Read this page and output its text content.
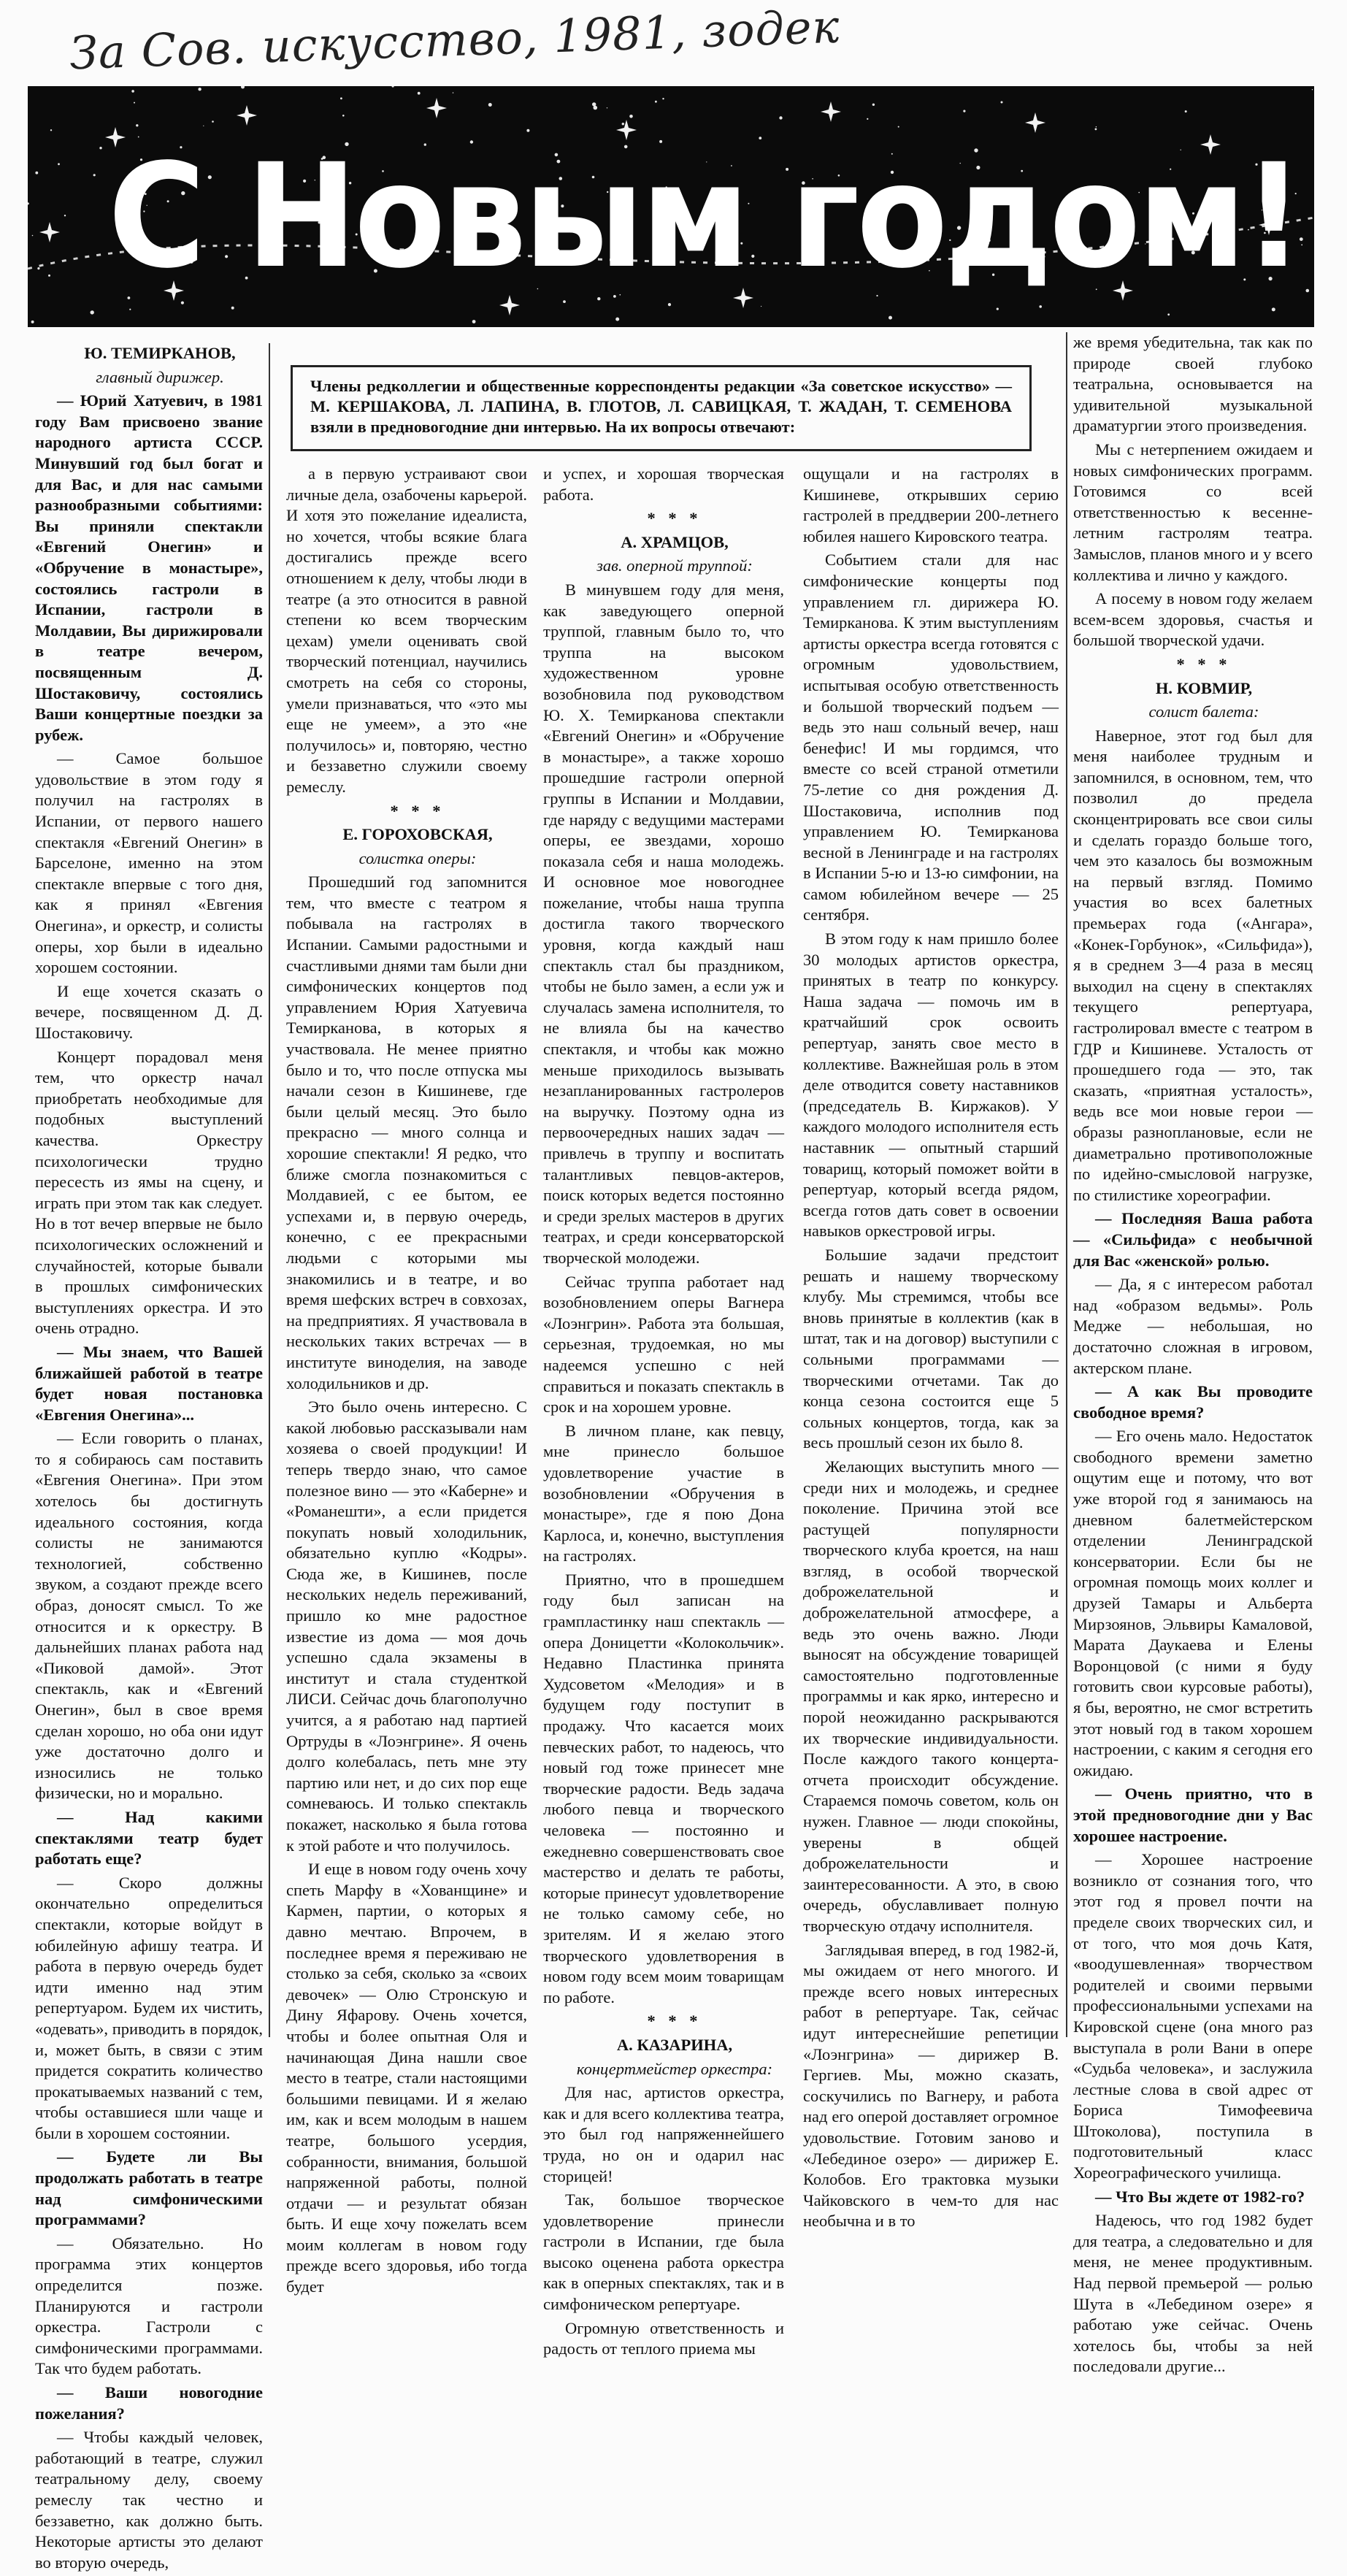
За Сов. искусство, 1981, зодек
С Новым годом!
Члены редколлегии и общественные корреспонденты редакции «За советское искусство» — М. КЕРШАКОВА, Л. ЛАПИНА, В. ГЛОТОВ, Л. САВИЦКАЯ, Т. ЖАДАН, Т. СЕМЕНОВА взяли в предновогодние дни интервью. На их вопросы отвечают:

Ю. ТЕМИРКАНОВ,

главный дирижер.

— Юрий Хатуевич, в 1981 году Вам присвоено звание народного артиста СССР. Минувший год был богат и для Вас, и для нас самыми разнообразными событиями: Вы приняли спектакли «Евгений Онегин» и «Обручение в монастыре», состоялись гастроли в Испании, гастроли в Молдавии, Вы дирижировали в театре вечером, посвященным Д. Шостаковичу, состоялись Ваши концертные поездки за рубеж.

— Самое большое удовольствие в этом году я получил на гастролях в Испании, от первого нашего спектакля «Евгений Онегин» в Барселоне, именно на этом спектакле впервые с того дня, как я принял «Евгения Онегина», и оркестр, и солисты оперы, хор были в идеально хорошем состоянии.

И еще хочется сказать о вечере, посвященном Д. Д. Шостаковичу.

Концерт порадовал меня тем, что оркестр начал приобретать необходимые для подобных выступлений качества. Оркестру психологически трудно пересесть из ямы на сцену, и играть при этом так как следует. Но в тот вечер впервые не было психологических осложнений и случайностей, которые бывали в прошлых симфонических выступлениях оркестра. И это очень отрадно.

— Мы знаем, что Вашей ближайшей работой в театре будет новая постановка «Евгения Онегина»...

— Если говорить о планах, то я собираюсь сам поставить «Евгения Онегина». При этом хотелось бы достигнуть идеального состояния, когда солисты не занимаются технологией, собственно звуком, а создают прежде всего образ, доносят смысл. То же относится и к оркестру. В дальнейших планах работа над «Пиковой дамой». Этот спектакль, как и «Евгений Онегин», был в свое время сделан хорошо, но оба они идут уже достаточно долго и износились не только физически, но и морально.

— Над какими спектаклями театр будет работать еще?

— Скоро должны окончательно определиться спектакли, которые войдут в юбилейную афишу театра. И работа в первую очередь будет идти именно над этим репертуаром. Будем их чистить, «одевать», приводить в порядок, и, может быть, в связи с этим придется сократить количество прокатываемых названий с тем, чтобы оставшиеся шли чаще и были в хорошем состоянии.

— Будете ли Вы продолжать работать в театре над симфоническими программами?

— Обязательно. Но программа этих концертов определится позже. Планируются и гастроли оркестра. Гастроли с симфоническими программами. Так что будем работать.

— Ваши новогодние пожелания?

— Чтобы каждый человек, работающий в театре, служил театральному делу, своему ремеслу так честно и беззаветно, как должно быть. Некоторые артисты это делают во вторую очередь,

а в первую устраивают свои личные дела, озабочены карьерой. И хотя это пожелание идеалиста, но хочется, чтобы всякие блага достигались прежде всего отношением к делу, чтобы люди в театре (а это относится в равной степени ко всем творческим цехам) умели оценивать свой творческий потенциал, научились смотреть на себя со стороны, умели признаваться, что «это мы еще не умеем», а это «не получилось» и, повторяю, честно и беззаветно служили своему ремеслу.

* * *

Е. ГОРОХОВСКАЯ,

солистка оперы:

Прошедший год запомнится тем, что вместе с театром я побывала на гастролях в Испании. Самыми радостными и счастливыми днями там были дни симфонических концертов под управлением Юрия Хатуевича Темирканова, в которых я участвовала. Не менее приятно было и то, что после отпуска мы начали сезон в Кишиневе, где были целый месяц. Это было прекрасно — много солнца и хорошие спектакли! Я редко, что ближе смогла познакомиться с Молдавией, с ее бытом, ее успехами и, в первую очередь, конечно, с ее прекрасными людьми с которыми мы знакомились и в театре, и во время шефских встреч в совхозах, на предприятиях. Я участвовала в нескольких таких встречах — в институте виноделия, на заводе холодильников и др.

Это было очень интересно. С какой любовью рассказывали нам хозяева о своей продукции! И теперь твердо знаю, что самое полезное вино — это «Каберне» и «Романешти», а если придется покупать новый холодильник, обязательно куплю «Кодры». Сюда же, в Кишинев, после нескольких недель переживаний, пришло ко мне радостное известие из дома — моя дочь успешно сдала экзамены в институт и стала студенткой ЛИСИ. Сейчас дочь благополучно учится, а я работаю над партией Ортруды в «Лоэнгрине». Я очень долго колебалась, петь мне эту партию или нет, и до сих пор еще сомневаюсь. И только спектакль покажет, насколько я была готова к этой работе и что получилось.

И еще в новом году очень хочу спеть Марфу в «Хованщине» и Кармен, партии, о которых я давно мечтаю. Впрочем, в последнее время я переживаю не столько за себя, сколько за «своих девочек» — Олю Стронскую и Дину Яфарову. Очень хочется, чтобы и более опытная Оля и начинающая Дина нашли свое место в театре, стали настоящими большими певицами. И я желаю им, как и всем молодым в нашем театре, большого усердия, собранности, внимания, большой напряженной работы, полной отдачи — и результат обязан быть. И еще хочу пожелать всем моим коллегам в новом году прежде всего здоровья, ибо тогда будет

и успех, и хорошая творческая работа.

* * *

А. ХРАМЦОВ,

зав. оперной труппой:

В минувшем году для меня, как заведующего оперной труппой, главным было то, что труппа на высоком художественном уровне возобновила под руководством Ю. Х. Темирканова спектакли «Евгений Онегин» и «Обручение в монастыре», а также хорошо прошедшие гастроли оперной группы в Испании и Молдавии, где наряду с ведущими мастерами оперы, ее звездами, хорошо показала себя и наша молодежь. И основное мое новогоднее пожелание, чтобы наша труппа достигла такого творческого уровня, когда каждый наш спектакль стал бы праздником, чтобы не было замен, а если уж и случалась замена исполнителя, то не влияла бы на качество спектакля, и чтобы как можно меньше приходилось вызывать незапланированных гастролеров на выручку. Поэтому одна из первоочередных наших задач — привлечь в труппу и воспитать талантливых певцов-актеров, поиск которых ведется постоянно и среди зрелых мастеров в других театрах, и среди консерваторской творческой молодежи.

Сейчас труппа работает над возобновлением оперы Вагнера «Лоэнгрин». Работа эта большая, серьезная, трудоемкая, но мы надеемся успешно с ней справиться и показать спектакль в срок и на хорошем уровне.

В личном плане, как певцу, мне принесло большое удовлетворение участие в возобновлении «Обручения в монастыре», где я пою Дона Карлоса, и, конечно, выступления на гастролях.

Приятно, что в прошедшем году был записан на грампластинку наш спектакль — опера Доницетти «Колокольчик». Недавно Пластинка принята Худсоветом «Мелодия» и в будущем году поступит в продажу. Что касается моих певческих работ, то надеюсь, что новый год тоже принесет мне творческие радости. Ведь задача любого певца и творческого человека — постоянно и ежедневно совершенствовать свое мастерство и делать те работы, которые принесут удовлетворение не только самому себе, но зрителям. И я желаю этого творческого удовлетворения в новом году всем моим товарищам по работе.

* * *

А. КАЗАРИНА,

концертмейстер оркестра:

Для нас, артистов оркестра, как и для всего коллектива театра, это был год напряженнейшего труда, но он и одарил нас сторицей!

Так, большое творческое удовлетворение принесли гастроли в Испании, где была высоко оценена работа оркестра как в оперных спектаклях, так и в симфоническом репертуаре.

Огромную ответственность и радость от теплого приема мы

ощущали и на гастролях в Кишиневе, открывших серию гастролей в преддверии 200-летнего юбилея нашего Кировского театра.

Событием стали для нас симфонические концерты под управлением гл. дирижера Ю. Темирканова. К этим выступлениям артисты оркестра всегда готовятся с огромным удовольствием, испытывая особую ответственность и большой творческий подъем — ведь это наш сольный вечер, наш бенефис! И мы гордимся, что вместе со всей страной отметили 75-летие со дня рождения Д. Шостаковича, исполнив под управлением Ю. Темирканова весной в Ленинграде и на гастролях в Испании 5-ю и 13-ю симфонии, на самом юбилейном вечере — 25 сентября.

В этом году к нам пришло более 30 молодых артистов оркестра, принятых в театр по конкурсу. Наша задача — помочь им в кратчайший срок освоить репертуар, занять свое место в коллективе. Важнейшая роль в этом деле отводится совету наставников (председатель В. Киржаков). У каждого молодого исполнителя есть наставник — опытный старший товарищ, который поможет войти в репертуар, который всегда рядом, всегда готов дать совет в освоении навыков оркестровой игры.

Большие задачи предстоит решать и нашему творческому клубу. Мы стремимся, чтобы все вновь принятые в коллектив (как в штат, так и на договор) выступили с сольными программами — творческими отчетами. Так до конца сезона состоится еще 5 сольных концертов, тогда, как за весь прошлый сезон их было 8.

Желающих выступить много — среди них и молодежь, и среднее поколение. Причина этой все растущей популярности творческого клуба кроется, на наш взгляд, в особой творческой доброжелательной и доброжелательной атмосфере, а ведь это очень важно. Люди выносят на обсуждение товарищей самостоятельно подготовленные программы и как ярко, интересно и порой неожиданно раскрываются их творческие индивидуальности. После каждого такого концерта-отчета происходит обсуждение. Стараемся помочь советом, коль он нужен. Главное — люди спокойны, уверены в общей доброжелательности и заинтересованности. А это, в свою очередь, обуславливает полную творческую отдачу исполнителя.

Заглядывая вперед, в год 1982-й, мы ожидаем от него многого. И прежде всего новых интересных работ в репертуаре. Так, сейчас идут интереснейшие репетиции «Лоэнгрина» — дирижер В. Гергиев. Мы, можно сказать, соскучились по Вагнеру, и работа над его оперой доставляет огромное удовольствие. Готовим заново и «Лебединое озеро» — дирижер Е. Колобов. Его трактовка музыки Чайковского в чем-то для нас необычна и в то

же время убедительна, так как по природе своей глубоко театральна, основывается на удивительной музыкальной драматургии этого произведения.

Мы с нетерпением ожидаем и новых симфонических программ. Готовимся со всей ответственностью к весенне-летним гастролям театра. Замыслов, планов много и у всего коллектива и лично у каждого.

А посему в новом году желаем всем-всем здоровья, счастья и большой творческой удачи.

* * *

Н. КОВМИР,

солист балета:

Наверное, этот год был для меня наиболее трудным и запомнился, в основном, тем, что позволил до предела сконцентрировать все свои силы и сделать гораздо больше того, чем это казалось бы возможным на первый взгляд. Помимо участия во всех балетных премьерах года («Ангара», «Конек-Горбунок», «Сильфида»), я в среднем 3—4 раза в месяц выходил на сцену в спектаклях текущего репертуара, гастролировал вместе с театром в ГДР и Кишиневе. Усталость от прошедшего года — это, так сказать, «приятная усталость», ведь все мои новые герои — образы разноплановые, если не диаметрально противоположные по идейно-смысловой нагрузке, по стилистике хореографии.

— Последняя Ваша работа — «Сильфида» с необычной для Вас «женской» ролью.

— Да, я с интересом работал над «образом ведьмы». Роль Медже — небольшая, но достаточно сложная в игровом, актерском плане.

— А как Вы проводите свободное время?

— Его очень мало. Недостаток свободного времени заметно ощутим еще и потому, что вот уже второй год я занимаюсь на дневном балетмейстерском отделении Ленинградской консерватории. Если бы не огромная помощь моих коллег и друзей Тамары и Альберта Мирзоянов, Эльвиры Камаловой, Марата Даукаева и Елены Воронцовой (с ними я буду готовить свои курсовые работы), я бы, вероятно, не смог встретить этот новый год в таком хорошем настроении, с каким я сегодня его ожидаю.

— Очень приятно, что в этой предновогодние дни у Вас хорошее настроение.

— Хорошее настроение возникло от сознания того, что этот год я провел почти на пределе своих творческих сил, и от того, что моя дочь Катя, «воодушевленная» творчеством родителей и своими первыми профессиональными успехами на Кировской сцене (она много раз выступала в роли Вани в опере «Судьба человека», и заслужила лестные слова в свой адрес от Бориса Тимофеевича Штоколова), поступила в подготовительный класс Хореографического училища.

— Что Вы ждете от 1982-го?

Надеюсь, что год 1982 будет для театра, а следовательно и для меня, не менее продуктивным. Над первой премьерой — ролью Шута в «Лебедином озере» я работаю уже сейчас. Очень хотелось бы, чтобы за ней последовали другие...
